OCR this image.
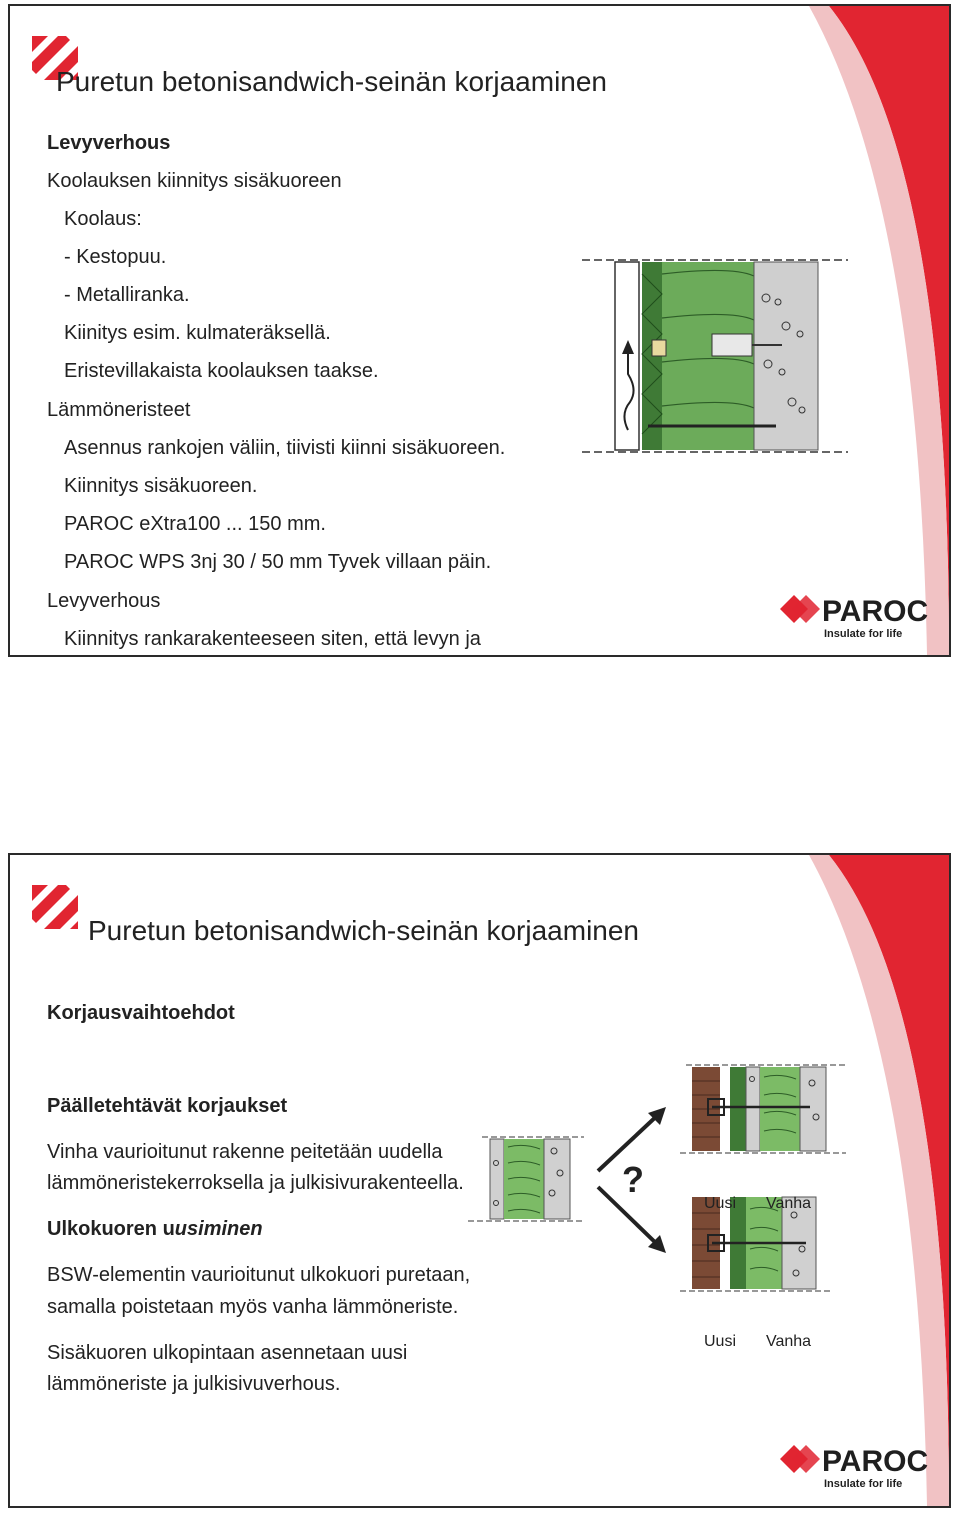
Puretun betonisandwich-seinän korjaaminen
Levyverhous
Koolauksen kiinnitys sisäkuoreen
Koolaus:
- Kestopuu.
- Metalliranka.
Kiinitys esim. kulmateräksellä.
Eristevillakaista koolauksen taakse.
Lämmöneristeet
Asennus rankojen väliin, tiivisti kiinni sisäkuoreen.
Kiinnitys sisäkuoreen.
PAROC eXtra100 ... 150 mm.
PAROC WPS 3nj 30 / 50 mm Tyvek villaan päin.
Levyverhous
Kiinnitys rankarakenteeseen siten, että levyn ja
PAROC
Insulate for life
Puretun betonisandwich-seinän korjaaminen
Korjausvaihtoehdot
Päälletehtävät korjaukset
Vinha vaurioitunut rakenne peitetään uudella
lämmöneristekerroksella ja julkisivurakenteella.
Ulkokuoren uusiminen
BSW-elementin vaurioitunut ulkokuori puretaan,
samalla poistetaan myös vanha lämmöneriste.
Sisäkuoren ulkopintaan asennetaan uusi
lämmöneriste ja julkisivuverhous.
?
Uusi Vanha
Uusi Vanha
PAROC
Insulate for life
